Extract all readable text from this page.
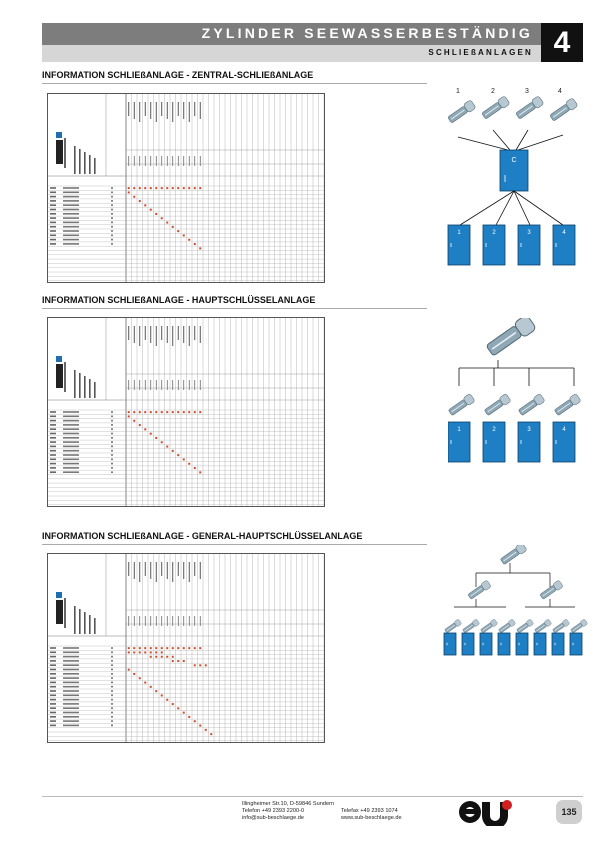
ZYLINDER SEEWASSERBESTÄNDIG
SCHLIEßANLAGEN 4
INFORMATION SCHLIEßANLAGE - ZENTRAL-SCHLIEßANLAGE
INFORMATION SCHLIEßANLAGE - HAUPTSCHLÜSSELANLAGE
INFORMATION SCHLIEßANLAGE - GENERAL-HAUPTSCHLÜSSELANLAGE
C
1	2	3	4
1	2	3	4
1	2	3	4
Illingheimer Str.10, D-59846 Sundern
Telefon +49 2393 2200-0	Telefax +49 2393 1074
info@sub-beschlaege.de	www.sub-beschlaege.de
135
